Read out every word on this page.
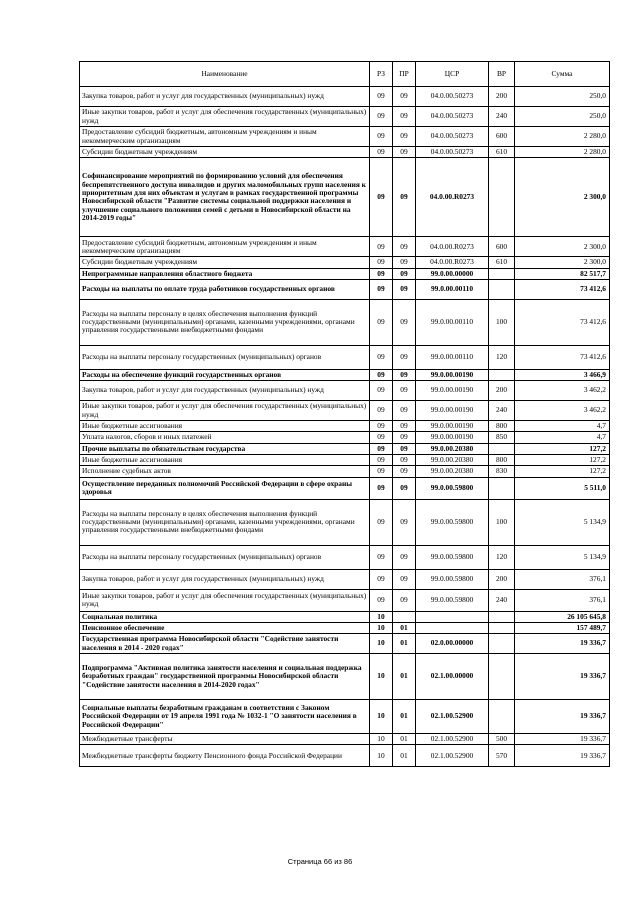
Наименование	РЗ	ПР	ЦСР	ВР	Сумма
Закупка товаров, работ и услуг для государственных (муниципальных) нужд	09	09	04.0.00.50273	200	250,0
Иные закупки товаров, работ и услуг для обеспечения государственных (муниципальных) нужд	09	09	04.0.00.50273	240	250,0
Предоставление субсидий бюджетным, автономным учреждениям и иным некоммерческим организациям	09	09	04.0.00.50273	600	2 280,0
Субсидии бюджетным учреждениям	09	09	04.0.00.50273	610	2 280,0
Софинансирование мероприятий по формированию условий для обеспечения беспрепятственного доступа инвалидов и других маломобильных групп населения к приоритетным для них объектам и услугам в рамках государственной программы Новосибирской области "Развитие системы социальной поддержки населения и улучшение социального положения семей с детьми в Новосибирской области на 2014-2019 годы"	09	09	04.0.00.R0273		2 300,0
Предоставление субсидий бюджетным, автономным учреждениям и иным некоммерческим организациям	09	09	04.0.00.R0273	600	2 300,0
Субсидии бюджетным учреждениям	09	09	04.0.00.R0273	610	2 300,0
Непрограммные направления областного бюджета	09	09	99.0.00.00000		82 517,7
Расходы на выплаты по оплате труда работников государственных органов	09	09	99.0.00.00110		73 412,6
Расходы на выплаты персоналу в целях обеспечения выполнения функций государственными (муниципальными) органами, казенными учреждениями, органами управления государственными внебюджетными фондами	09	09	99.0.00.00110	100	73 412,6
Расходы на выплаты персоналу государственных (муниципальных) органов	09	09	99.0.00.00110	120	73 412,6
Расходы на обеспечение функций государственных органов	09	09	99.0.00.00190		3 466,9
Закупка товаров, работ и услуг для государственных (муниципальных) нужд	09	09	99.0.00.00190	200	3 462,2
Иные закупки товаров, работ и услуг для обеспечения государственных (муниципальных) нужд	09	09	99.0.00.00190	240	3 462,2
Иные бюджетные ассигнования	09	09	99.0.00.00190	800	4,7
Уплата налогов, сборов и иных платежей	09	09	99.0.00.00190	850	4,7
Прочие выплаты по обязательствам государства	09	09	99.0.00.20380		127,2
Иные бюджетные ассигнования	09	09	99.0.00.20380	800	127,2
Исполнение судебных актов	09	09	99.0.00.20380	830	127,2
Осуществление переданных полномочий Российской Федерации в сфере охраны здоровья	09	09	99.0.00.59800		5 511,0
Расходы на выплаты персоналу в целях обеспечения выполнения функций государственными (муниципальными) органами, казенными учреждениями, органами управления государственными внебюджетными фондами	09	09	99.0.00.59800	100	5 134,9
Расходы на выплаты персоналу государственных (муниципальных) органов	09	09	99.0.00.59800	120	5 134,9
Закупка товаров, работ и услуг для государственных (муниципальных) нужд	09	09	99.0.00.59800	200	376,1
Иные закупки товаров, работ и услуг для обеспечения государственных (муниципальных) нужд	09	09	99.0.00.59800	240	376,1
Социальная политика	10				26 105 645,8
Пенсионное обеспечение	10	01			157 489,7
Государственная программа Новосибирской области "Содействие занятости населения в 2014 - 2020 годах"	10	01	02.0.00.00000		19 336,7
Подпрограмма "Активная политика занятости населения и социальная поддержка безработных граждан" государственной программы Новосибирской области "Содействие занятости населения в 2014-2020 годах"	10	01	02.1.00.00000		19 336,7
Социальные выплаты безработным гражданам в соответствии с Законом Российской Федерации от 19 апреля 1991 года № 1032-1 "О занятости населения в Российской Федерации"	10	01	02.1.00.52900		19 336,7
Межбюджетные трансферты	10	01	02.1.00.52900	500	19 336,7
Межбюджетные трансферты бюджету Пенсионного фонда Российской Федерации	10	01	02.1.00.52900	570	19 336,7
Страница 66 из 86
